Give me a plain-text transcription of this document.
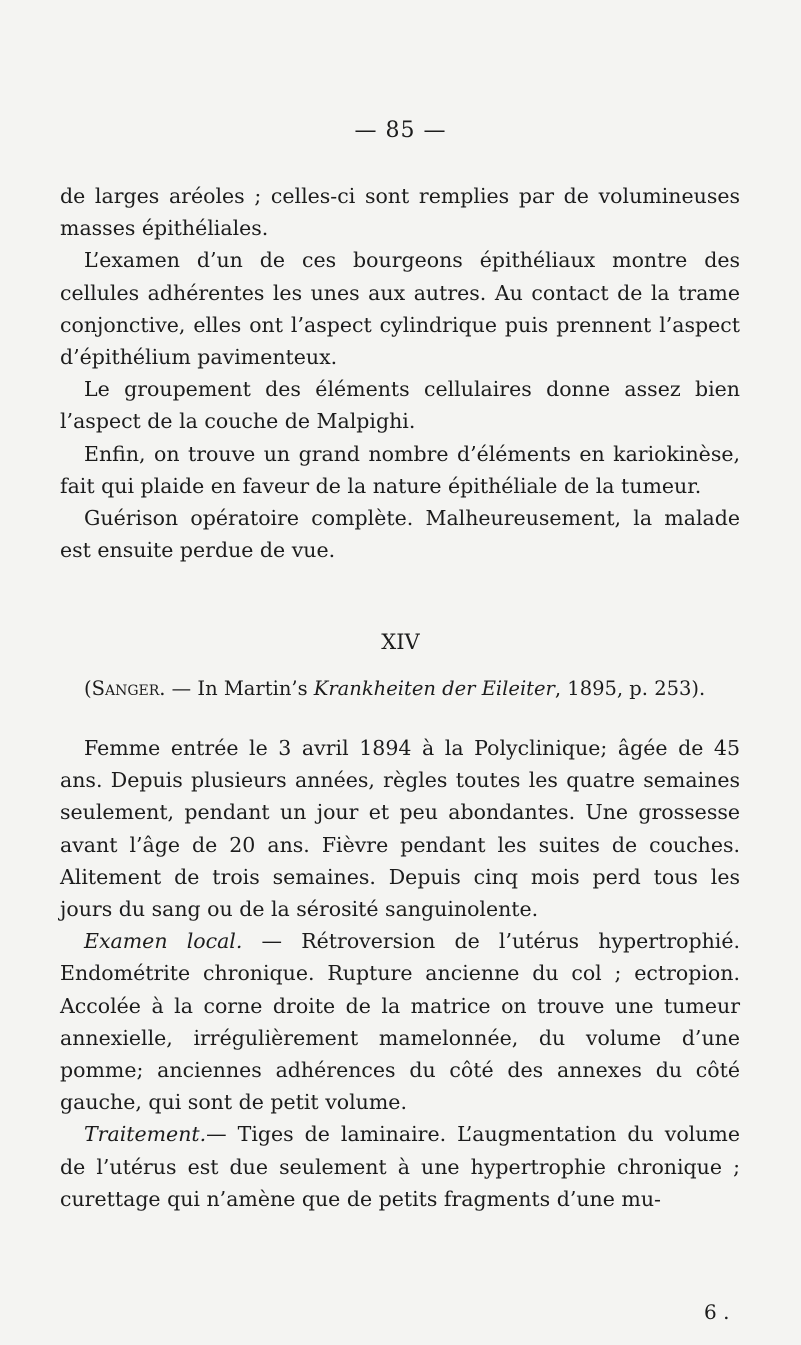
— 85 —

de larges aréoles ; celles-ci sont remplies par de volumineuses masses épithéliales.

L’examen d’un de ces bourgeons épithéliaux montre des cellules adhérentes les unes aux autres. Au contact de la trame conjonctive, elles ont l’aspect cylindrique puis prennent l’aspect d’épithélium pavimenteux.

Le groupement des éléments cellulaires donne assez bien l’aspect de la couche de Malpighi.

Enfin, on trouve un grand nombre d’éléments en kariokinèse, fait qui plaide en faveur de la nature épithéliale de la tumeur.

Guérison opératoire complète. Malheureusement, la malade est ensuite perdue de vue.

XIV
(Sanger. — In Martin’s Krankheiten der Eileiter, 1895, p. 253).

Femme entrée le 3 avril 1894 à la Polyclinique; âgée de 45 ans. Depuis plusieurs années, règles toutes les quatre semaines seulement, pendant un jour et peu abondantes. Une grossesse avant l’âge de 20 ans. Fièvre pendant les suites de couches. Alitement de trois semaines. Depuis cinq mois perd tous les jours du sang ou de la sérosité sanguinolente.

Examen local. — Rétroversion de l’utérus hypertrophié. Endométrite chronique. Rupture ancienne du col ; ectropion. Accolée à la corne droite de la matrice on trouve une tumeur annexielle, irrégulièrement mamelonnée, du volume d’une pomme; anciennes adhérences du côté des annexes du côté gauche, qui sont de petit volume.

Traitement.— Tiges de laminaire. L’augmentation du volume de l’utérus est due seulement à une hypertrophie chronique ; curettage qui n’amène que de petits fragments d’une mu-

6 .
